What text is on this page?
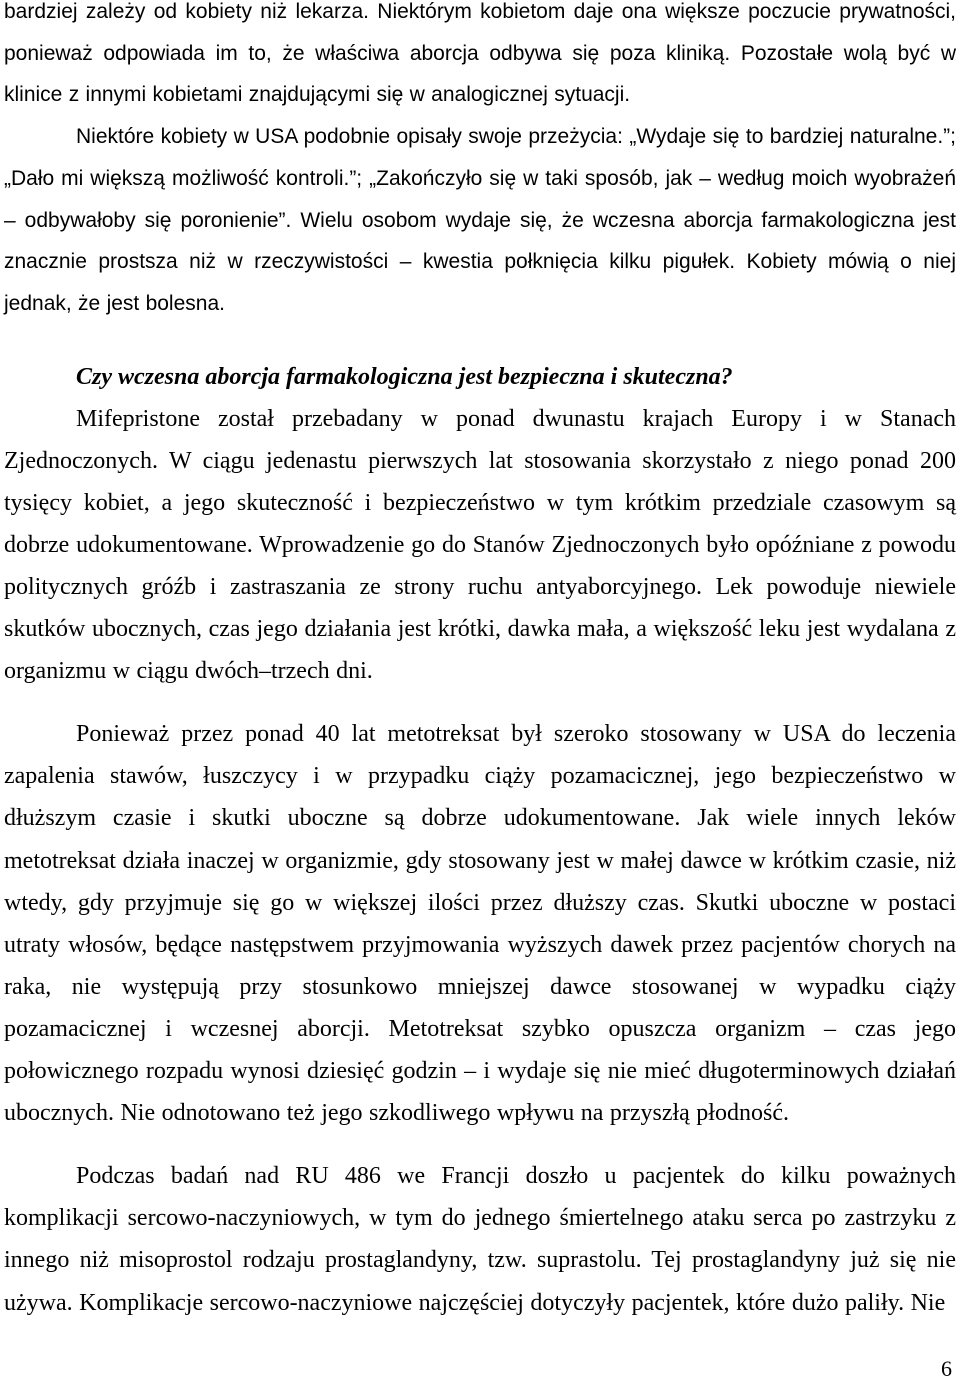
bardziej zależy od kobiety niż lekarza. Niektórym kobietom daje ona większe poczucie prywatności, ponieważ odpowiada im to, że właściwa aborcja odbywa się poza kliniką. Pozostałe wolą być w klinice z innymi kobietami znajdującymi się w analogicznej sytuacji.

Niektóre kobiety w USA podobnie opisały swoje przeżycia: „Wydaje się to bardziej naturalne.”; „Dało mi większą możliwość kontroli.”; „Zakończyło się w taki sposób, jak – według moich wyobrażeń – odbywałoby się poronienie”. Wielu osobom wydaje się, że wczesna aborcja farmakologiczna jest znacznie prostsza niż w rzeczywistości – kwestia połknięcia kilku pigułek. Kobiety mówią o niej jednak, że jest bolesna.

Czy wczesna aborcja farmakologiczna jest bezpieczna i skuteczna?

Mifepristone został przebadany w ponad dwunastu krajach Europy i w Stanach Zjednoczonych. W ciągu jedenastu pierwszych lat stosowania skorzystało z niego ponad 200 tysięcy kobiet, a jego skuteczność i bezpieczeństwo w tym krótkim przedziale czasowym są dobrze udokumentowane. Wprowadzenie go do Stanów Zjednoczonych było opóźniane z powodu politycznych gróźb i zastraszania ze strony ruchu antyaborcyjnego. Lek powoduje niewiele skutków ubocznych, czas jego działania jest krótki, dawka mała, a większość leku jest wydalana z organizmu w ciągu dwóch–trzech dni.

Ponieważ przez ponad 40 lat metotreksat był szeroko stosowany w USA do leczenia zapalenia stawów, łuszczycy i w przypadku ciąży pozamacicznej, jego bezpieczeństwo w dłuższym czasie i skutki uboczne są dobrze udokumentowane. Jak wiele innych leków metotreksat działa inaczej w organizmie, gdy stosowany jest w małej dawce w krótkim czasie, niż wtedy, gdy przyjmuje się go w większej ilości przez dłuższy czas. Skutki uboczne w postaci utraty włosów, będące następstwem przyjmowania wyższych dawek przez pacjentów chorych na raka, nie występują przy stosunkowo mniejszej dawce stosowanej w wypadku ciąży pozamacicznej i wczesnej aborcji. Metotreksat szybko opuszcza organizm – czas jego połowicznego rozpadu wynosi dziesięć godzin – i wydaje się nie mieć długoterminowych działań ubocznych. Nie odnotowano też jego szkodliwego wpływu na przyszłą płodność.

Podczas badań nad RU 486 we Francji doszło u pacjentek do kilku poważnych komplikacji sercowo-naczyniowych, w tym do jednego śmiertelnego ataku serca po zastrzyku z innego niż misoprostol rodzaju prostaglandyny, tzw. suprastolu. Tej prostaglandyny już się nie używa. Komplikacje sercowo-naczyniowe najczęściej dotyczyły pacjentek, które dużo paliły. Nie

6
